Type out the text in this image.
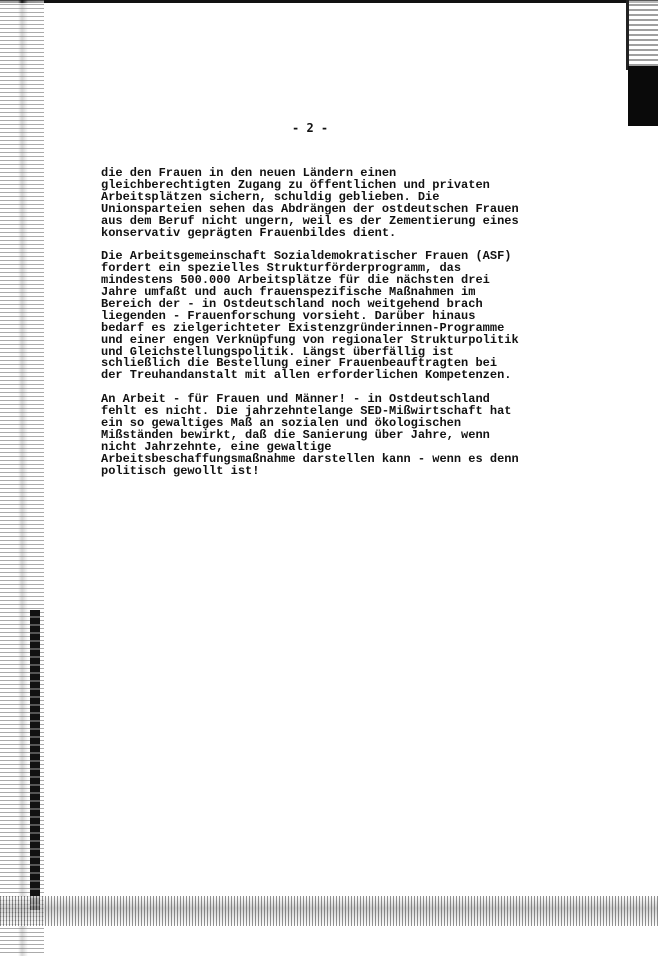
- 2 -
die den Frauen in den neuen Ländern einen
gleichberechtigten Zugang zu öffentlichen und privaten
Arbeitsplätzen sichern, schuldig geblieben. Die
Unionsparteien sehen das Abdrängen der ostdeutschen Frauen
aus dem Beruf nicht ungern, weil es der Zementierung eines
konservativ geprägten Frauenbildes dient.
Die Arbeitsgemeinschaft Sozialdemokratischer Frauen (ASF)
fordert ein spezielles Strukturförderprogramm, das
mindestens 500.000 Arbeitsplätze für die nächsten drei
Jahre umfaßt und auch frauenspezifische Maßnahmen im
Bereich der - in Ostdeutschland noch weitgehend brach
liegenden - Frauenforschung vorsieht. Darüber hinaus
bedarf es zielgerichteter Existenzgründerinnen-Programme
und einer engen Verknüpfung von regionaler Strukturpolitik
und Gleichstellungspolitik. Längst überfällig ist
schließlich die Bestellung einer Frauenbeauftragten bei
der Treuhandanstalt mit allen erforderlichen Kompetenzen.
An Arbeit - für Frauen und Männer! - in Ostdeutschland
fehlt es nicht. Die jahrzehntelange SED-Mißwirtschaft hat
ein so gewaltiges Maß an sozialen und ökologischen
Mißständen bewirkt, daß die Sanierung über Jahre, wenn
nicht Jahrzehnte, eine gewaltige
Arbeitsbeschaffungsmaßnahme darstellen kann - wenn es denn
politisch gewollt ist!
